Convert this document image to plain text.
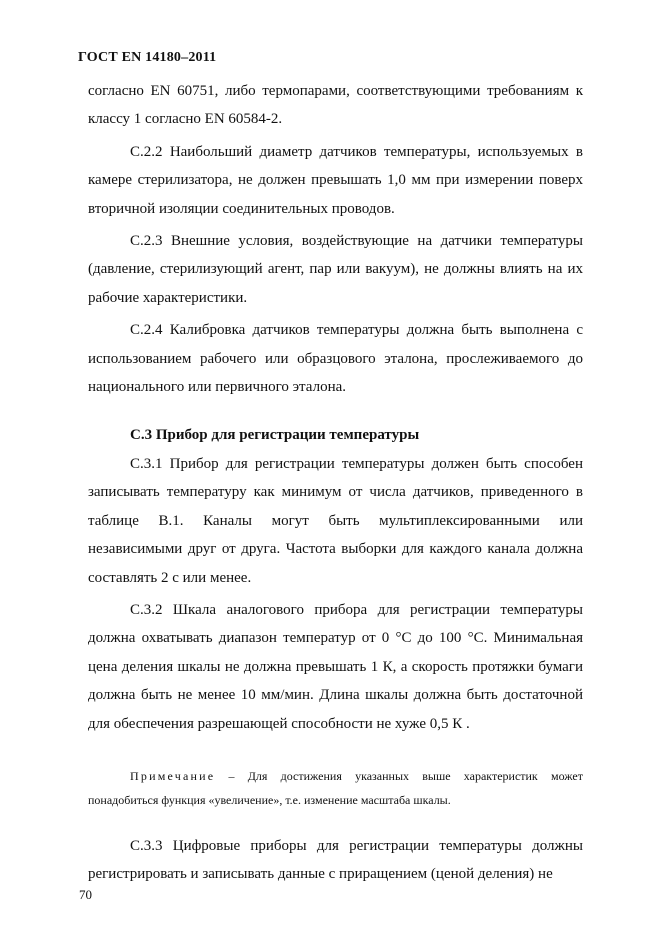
ГОСТ EN 14180–2011

согласно EN 60751, либо термопарами, соответствующими требованиям к классу 1 согласно EN 60584-2.

С.2.2 Наибольший диаметр датчиков температуры, используемых в камере стерилизатора, не должен превышать 1,0 мм при измерении поверх вторичной изоляции соединительных проводов.

С.2.3 Внешние условия, воздействующие на датчики температуры (давление, стерилизующий агент, пар или вакуум), не должны влиять на их рабочие характеристики.

С.2.4 Калибровка датчиков температуры должна быть выполнена с использованием рабочего или образцового эталона, прослеживаемого до национального или первичного эталона.

С.3 Прибор для регистрации температуры

С.3.1 Прибор для регистрации температуры должен быть способен записывать температуру как минимум от числа датчиков, приведенного в таблице В.1. Каналы могут быть мультиплексированными или независимыми друг от друга. Частота выборки для каждого канала должна составлять 2 с или менее.

С.3.2 Шкала аналогового прибора для регистрации температуры должна охватывать диапазон температур от 0 °С до 100 °С. Минимальная цена деления шкалы не должна превышать 1 К, а скорость протяжки бумаги должна быть не менее 10 мм/мин. Длина шкалы должна быть достаточной для обеспечения разрешающей способности не хуже 0,5 К .

Примечание – Для достижения указанных выше характеристик может понадобиться функция «увеличение», т.е. изменение масштаба шкалы.

С.3.3 Цифровые приборы для регистрации температуры должны регистрировать и записывать данные с приращением (ценой деления) не

70
